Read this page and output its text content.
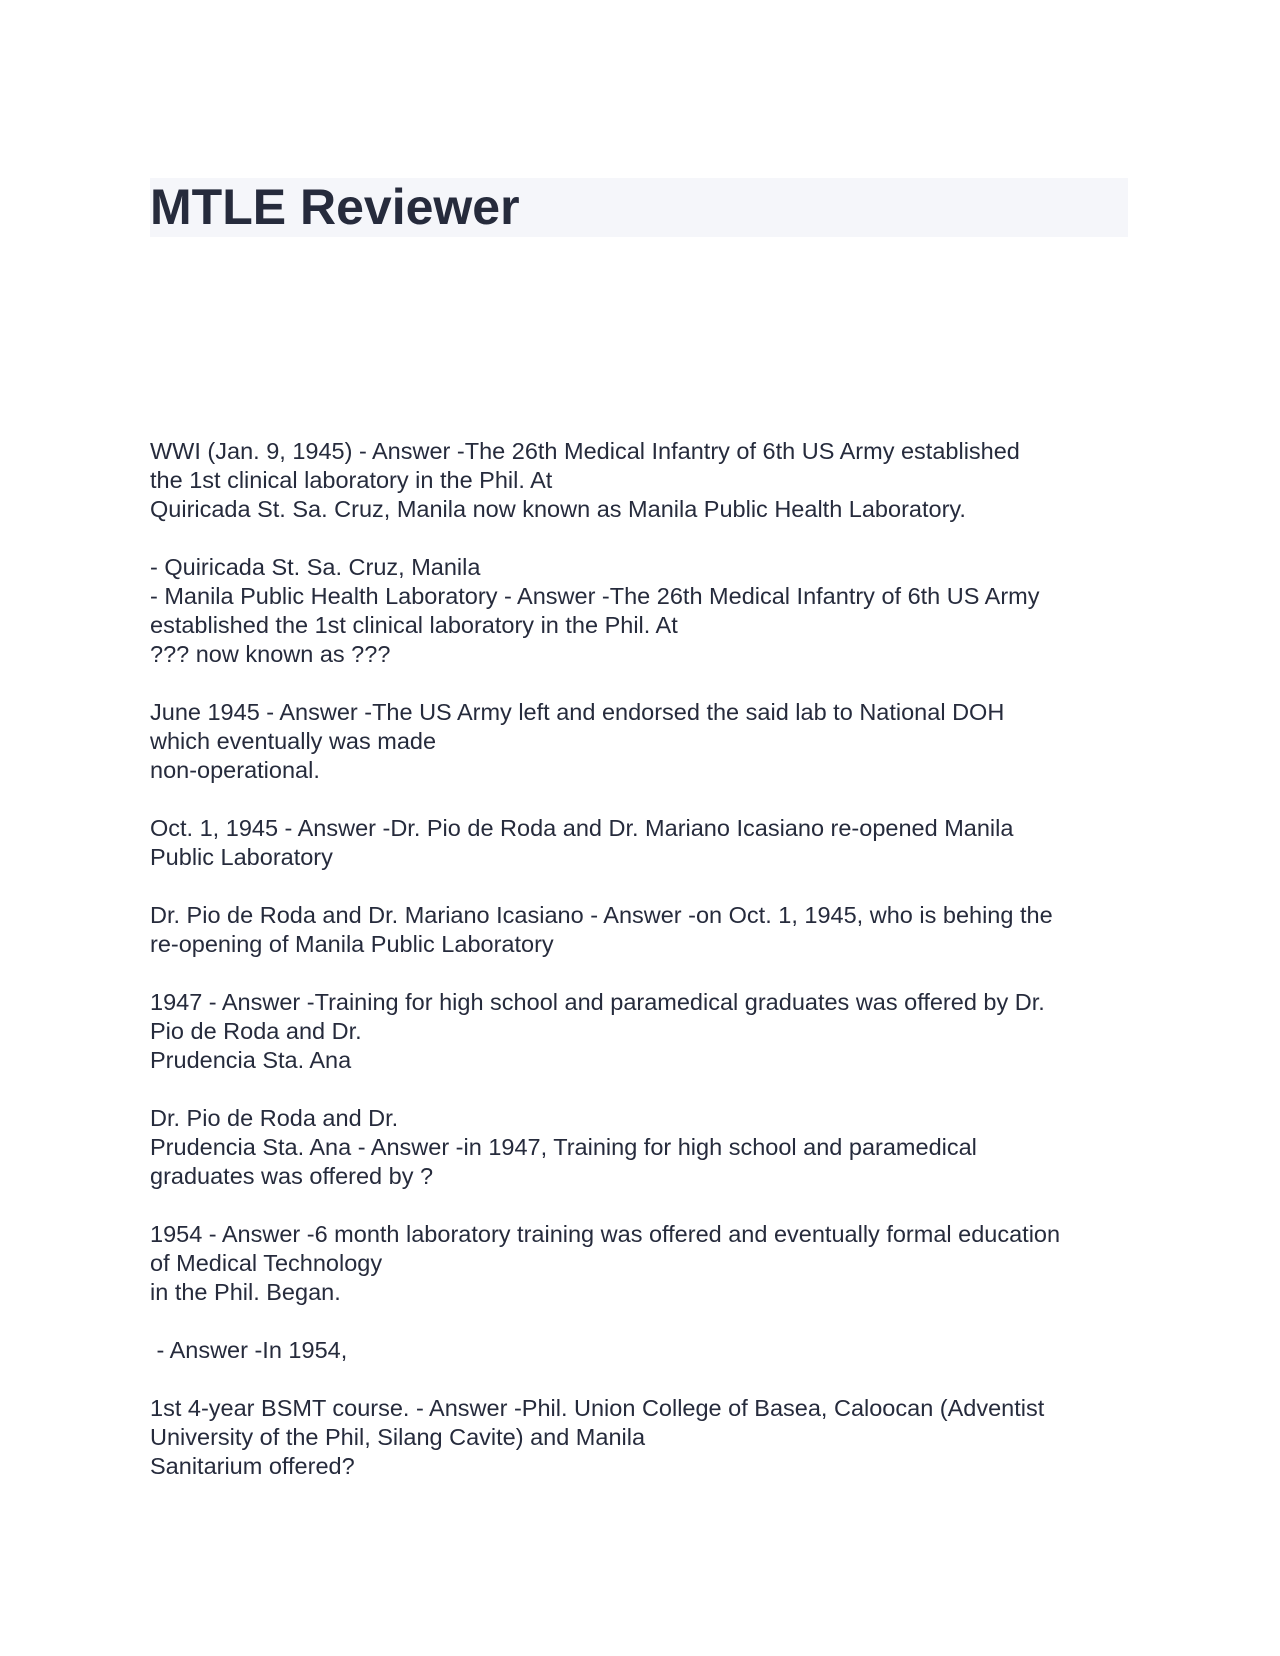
MTLE Reviewer
WWI (Jan. 9, 1945) - Answer -The 26th Medical Infantry of 6th US Army established
the 1st clinical laboratory in the Phil. At
Quiricada St. Sa. Cruz, Manila now known as Manila Public Health Laboratory.
- Quiricada St. Sa. Cruz, Manila
- Manila Public Health Laboratory - Answer -The 26th Medical Infantry of 6th US Army
established the 1st clinical laboratory in the Phil. At
??? now known as ???
June 1945 - Answer -The US Army left and endorsed the said lab to National DOH
which eventually was made
non-operational.
Oct. 1, 1945 - Answer -Dr. Pio de Roda and Dr. Mariano Icasiano re-opened Manila
Public Laboratory
Dr. Pio de Roda and Dr. Mariano Icasiano - Answer -on Oct. 1, 1945, who is behing the
re-opening of Manila Public Laboratory
1947 - Answer -Training for high school and paramedical graduates was offered by Dr.
Pio de Roda and Dr.
Prudencia Sta. Ana
Dr. Pio de Roda and Dr.
Prudencia Sta. Ana - Answer -in 1947, Training for high school and paramedical
graduates was offered by ?
1954 - Answer -6 month laboratory training was offered and eventually formal education
of Medical Technology
in the Phil. Began.
- Answer -In 1954,
1st 4-year BSMT course. - Answer -Phil. Union College of Basea, Caloocan (Adventist
University of the Phil, Silang Cavite) and Manila
Sanitarium offered?
